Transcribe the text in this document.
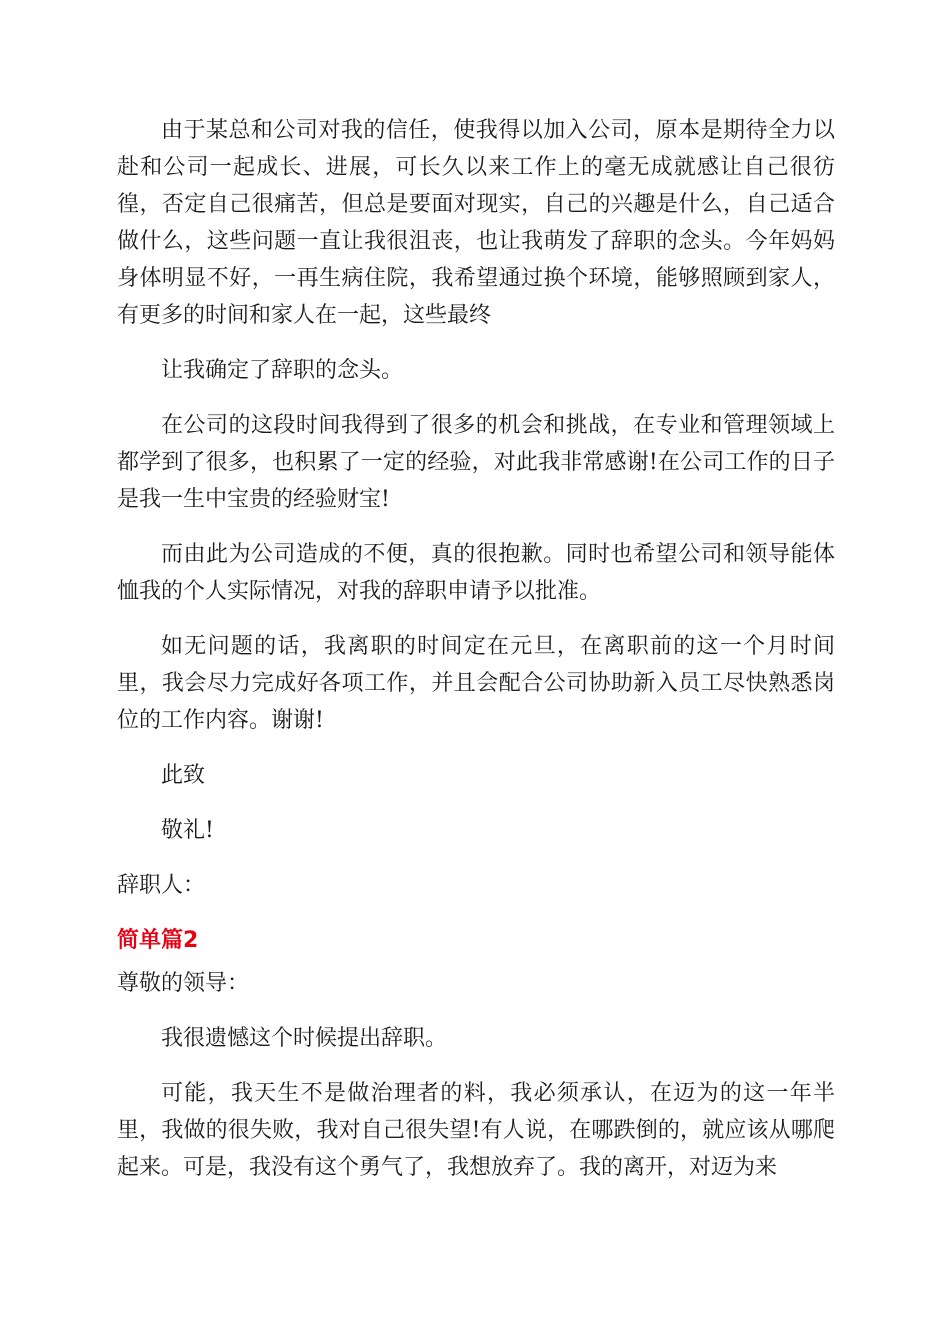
由于某总和公司对我的信任，使我得以加入公司，原本是期待全力以赴和公司一起成长、进展，可长久以来工作上的毫无成就感让自己很彷徨，否定自己很痛苦，但总是要面对现实，自己的兴趣是什么，自己适合做什么，这些问题一直让我很沮丧，也让我萌发了辞职的念头。今年妈妈身体明显不好，一再生病住院，我希望通过换个环境，能够照顾到家人，有更多的时间和家人在一起，这些最终

让我确定了辞职的念头。

在公司的这段时间我得到了很多的机会和挑战，在专业和管理领域上都学到了很多，也积累了一定的经验，对此我非常感谢!在公司工作的日子是我一生中宝贵的经验财宝!

而由此为公司造成的不便，真的很抱歉。同时也希望公司和领导能体恤我的个人实际情况，对我的辞职申请予以批准。

如无问题的话，我离职的时间定在元旦，在离职前的这一个月时间里，我会尽力完成好各项工作，并且会配合公司协助新入员工尽快熟悉岗位的工作内容。谢谢!

此致

敬礼!

辞职人：

简单篇2

尊敬的领导：

我很遗憾这个时候提出辞职。

可能，我天生不是做治理者的料，我必须承认，在迈为的这一年半里，我做的很失败，我对自己很失望!有人说，在哪跌倒的，就应该从哪爬起来。可是，我没有这个勇气了，我想放弃了。我的离开，对迈为来
